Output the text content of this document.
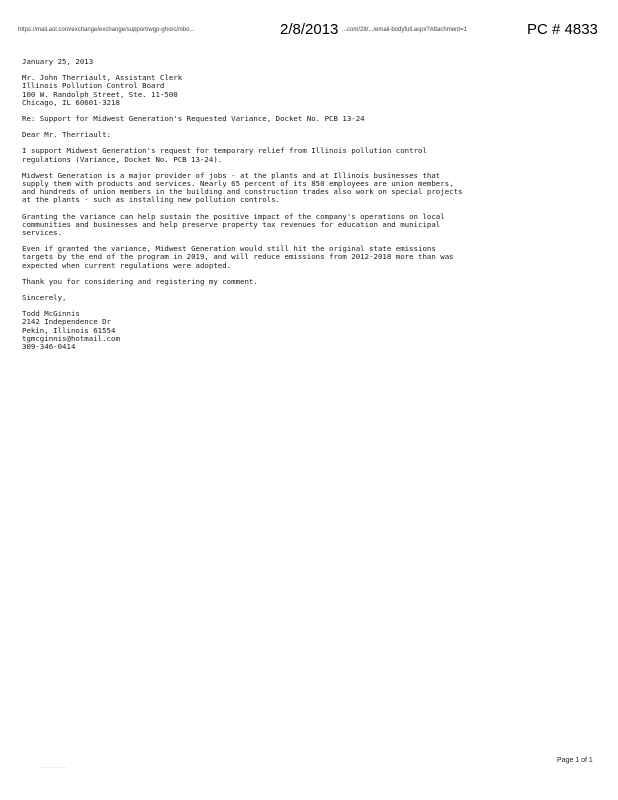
https://mail.aol.com/exchange/exchange/support/wgp-ghorc/nibo...	2/8/2013 ...com/28/.../email-bodyfull.aspx?Attachment=1	PC # 4833
January 25, 2013
Mr. John Therriault, Assistant Clerk
Illinois Pollution Control Board
100 W. Randolph Street, Ste. 11-500
Chicago, IL 60601-3218
Re: Support for Midwest Generation's Requested Variance, Docket No. PCB 13-24
Dear Mr. Therriault:
I support Midwest Generation's request for temporary relief from Illinois pollution control
regulations (Variance, Docket No. PCB 13-24).
Midwest Generation is a major provider of jobs - at the plants and at Illinois businesses that
supply them with products and services. Nearly 65 percent of its 850 employees are union members,
and hundreds of union members in the building and construction trades also work on special projects
at the plants - such as installing new pollution controls.
Granting the variance can help sustain the positive impact of the company's operations on local
communities and businesses and help preserve property tax revenues for education and municipal
services.
Even if granted the variance, Midwest Generation would still hit the original state emissions
targets by the end of the program in 2019, and will reduce emissions from 2012-2018 more than was
expected when current regulations were adopted.
Thank you for considering and registering my comment.
Sincerely,
Todd McGinnis
2142 Independence Dr
Pekin, Illinois 61554
tgmcginnis@hotmail.com
309-346-0414
· · · · · · · · ·
Page 1 of 1
